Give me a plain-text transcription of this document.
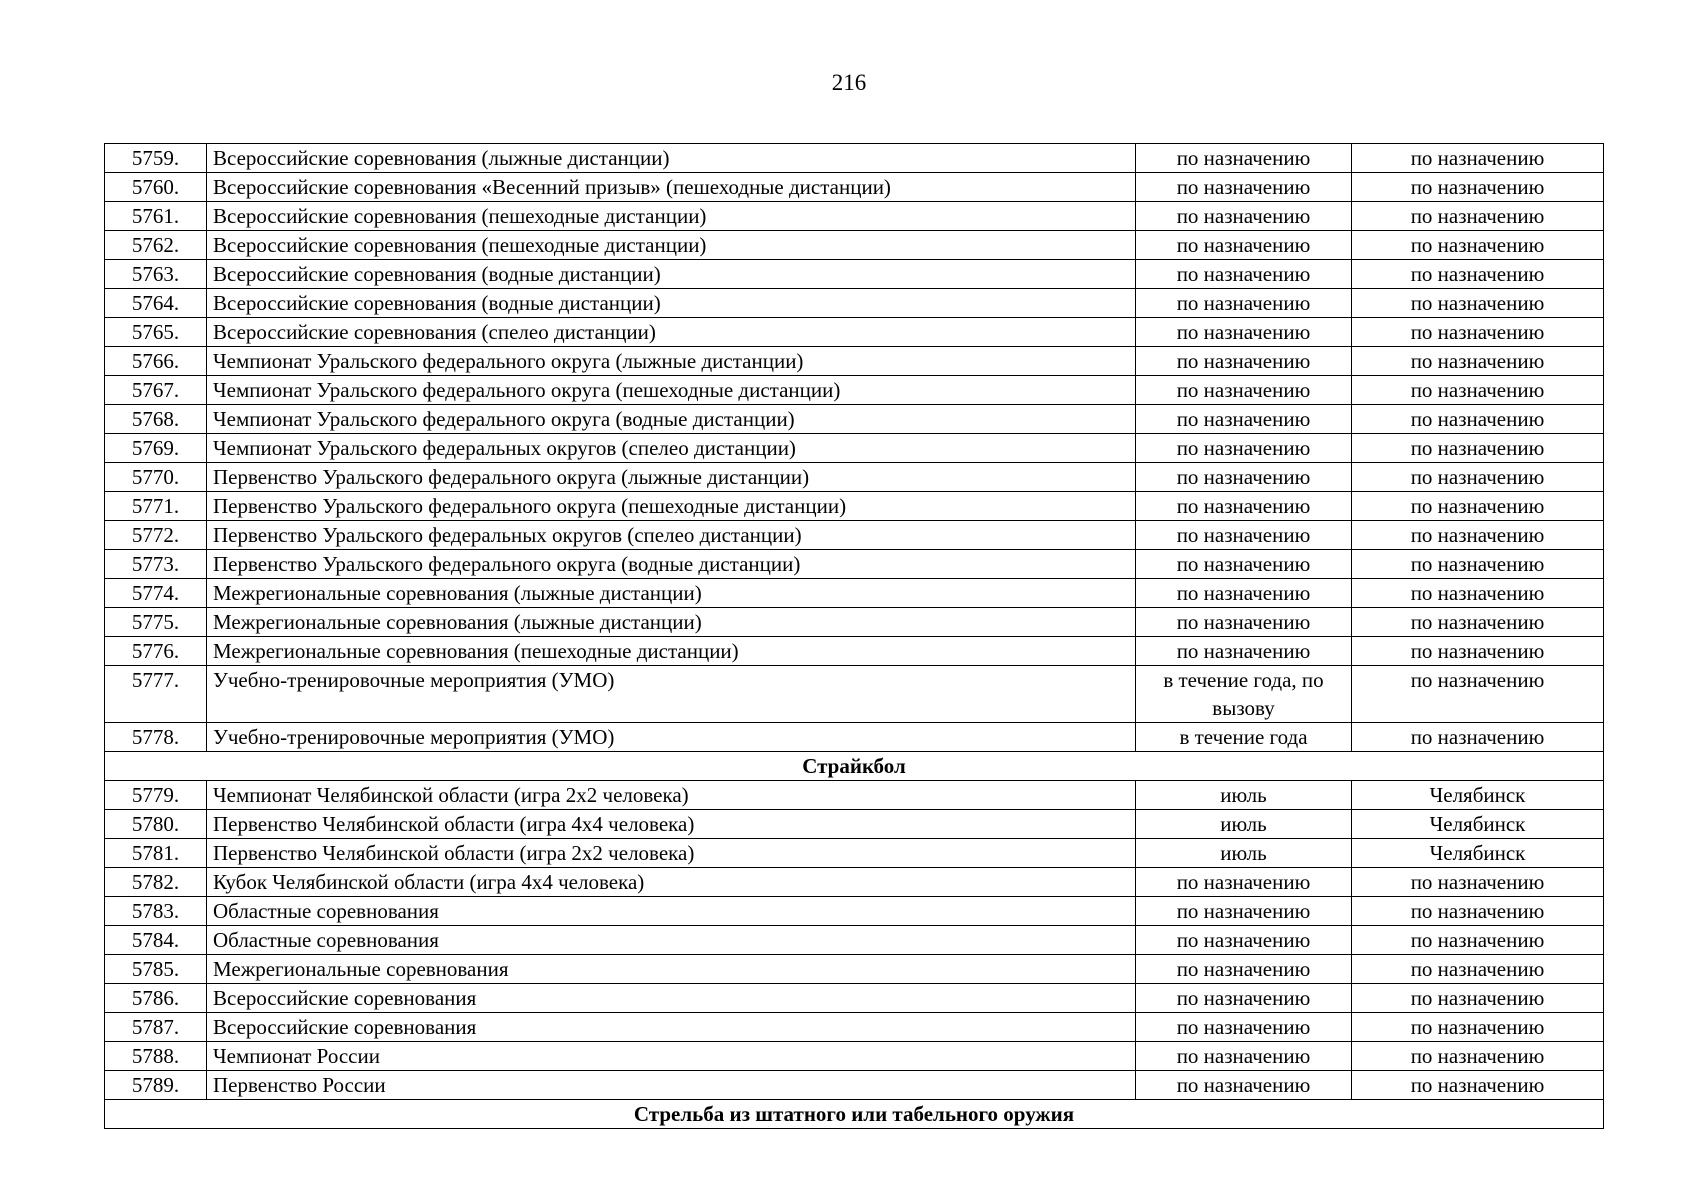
216
5759.	Всероссийские соревнования (лыжные дистанции)	по назначению	по назначению
5760.	Всероссийские соревнования «Весенний призыв» (пешеходные дистанции)	по назначению	по назначению
5761.	Всероссийские соревнования (пешеходные дистанции)	по назначению	по назначению
5762.	Всероссийские соревнования (пешеходные дистанции)	по назначению	по назначению
5763.	Всероссийские соревнования (водные дистанции)	по назначению	по назначению
5764.	Всероссийские соревнования (водные дистанции)	по назначению	по назначению
5765.	Всероссийские соревнования (спелео дистанции)	по назначению	по назначению
5766.	Чемпионат Уральского федерального округа (лыжные дистанции)	по назначению	по назначению
5767.	Чемпионат Уральского федерального округа (пешеходные дистанции)	по назначению	по назначению
5768.	Чемпионат Уральского федерального округа (водные дистанции)	по назначению	по назначению
5769.	Чемпионат Уральского федеральных округов (спелео дистанции)	по назначению	по назначению
5770.	Первенство Уральского федерального округа (лыжные дистанции)	по назначению	по назначению
5771.	Первенство Уральского федерального округа (пешеходные дистанции)	по назначению	по назначению
5772.	Первенство Уральского федеральных округов (спелео дистанции)	по назначению	по назначению
5773.	Первенство Уральского федерального округа (водные дистанции)	по назначению	по назначению
5774.	Межрегиональные соревнования (лыжные дистанции)	по назначению	по назначению
5775.	Межрегиональные соревнования (лыжные дистанции)	по назначению	по назначению
5776.	Межрегиональные соревнования (пешеходные дистанции)	по назначению	по назначению
5777.	Учебно-тренировочные мероприятия (УМО)	в течение года, по вызову	по назначению
5778.	Учебно-тренировочные мероприятия (УМО)	в течение года	по назначению
Страйкбол			
5779.	Чемпионат Челябинской области (игра 2х2 человека)	июль	Челябинск
5780.	Первенство Челябинской области (игра 4х4 человека)	июль	Челябинск
5781.	Первенство Челябинской области (игра 2х2 человека)	июль	Челябинск
5782.	Кубок Челябинской области (игра 4х4 человека)	по назначению	по назначению
5783.	Областные соревнования	по назначению	по назначению
5784.	Областные соревнования	по назначению	по назначению
5785.	Межрегиональные соревнования	по назначению	по назначению
5786.	Всероссийские соревнования	по назначению	по назначению
5787.	Всероссийские соревнования	по назначению	по назначению
5788.	Чемпионат России	по назначению	по назначению
5789.	Первенство России	по назначению	по назначению
Стрельба из штатного или табельного оружия			
